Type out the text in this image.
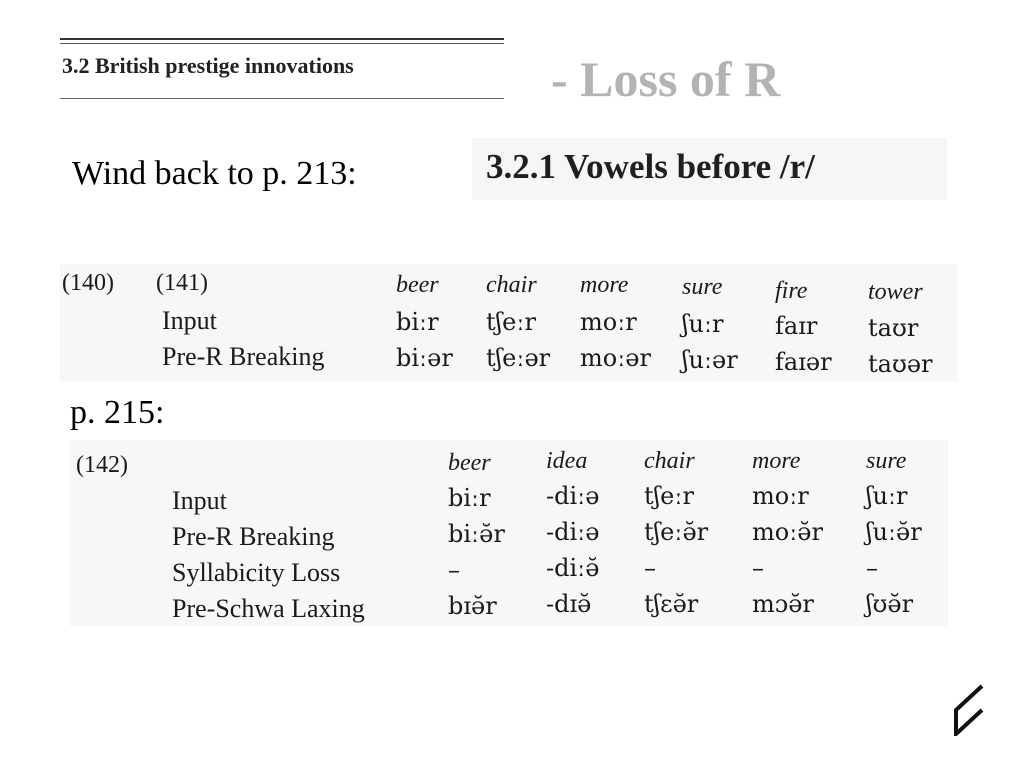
3.2 British prestige innovations	- Loss of R
Wind back to p. 213:	3.2.1 Vowels before /r/
(140) (141)	beer chair more sure fire	tower
Input	biːr tʃeːr moːr ʃuːr faɪr taʊr
Pre-R Breaking	biːər tʃeːər moːər ʃuːər faɪər taʊər
p. 215:
(142)	beer idea chair more	sure
Input	biːr -diːə tʃeːr moːr ʃuːr
Pre-R Breaking	biːə̆r -diːə tʃeːə̆r moːə̆r ʃuːə̆r
Syllabicity Loss	–	-diːə̆ –	–	–
Pre-Schwa Laxing	bɪə̆r -dɪə̆ tʃɛə̆r mɔə̆r ʃʊə̆r
